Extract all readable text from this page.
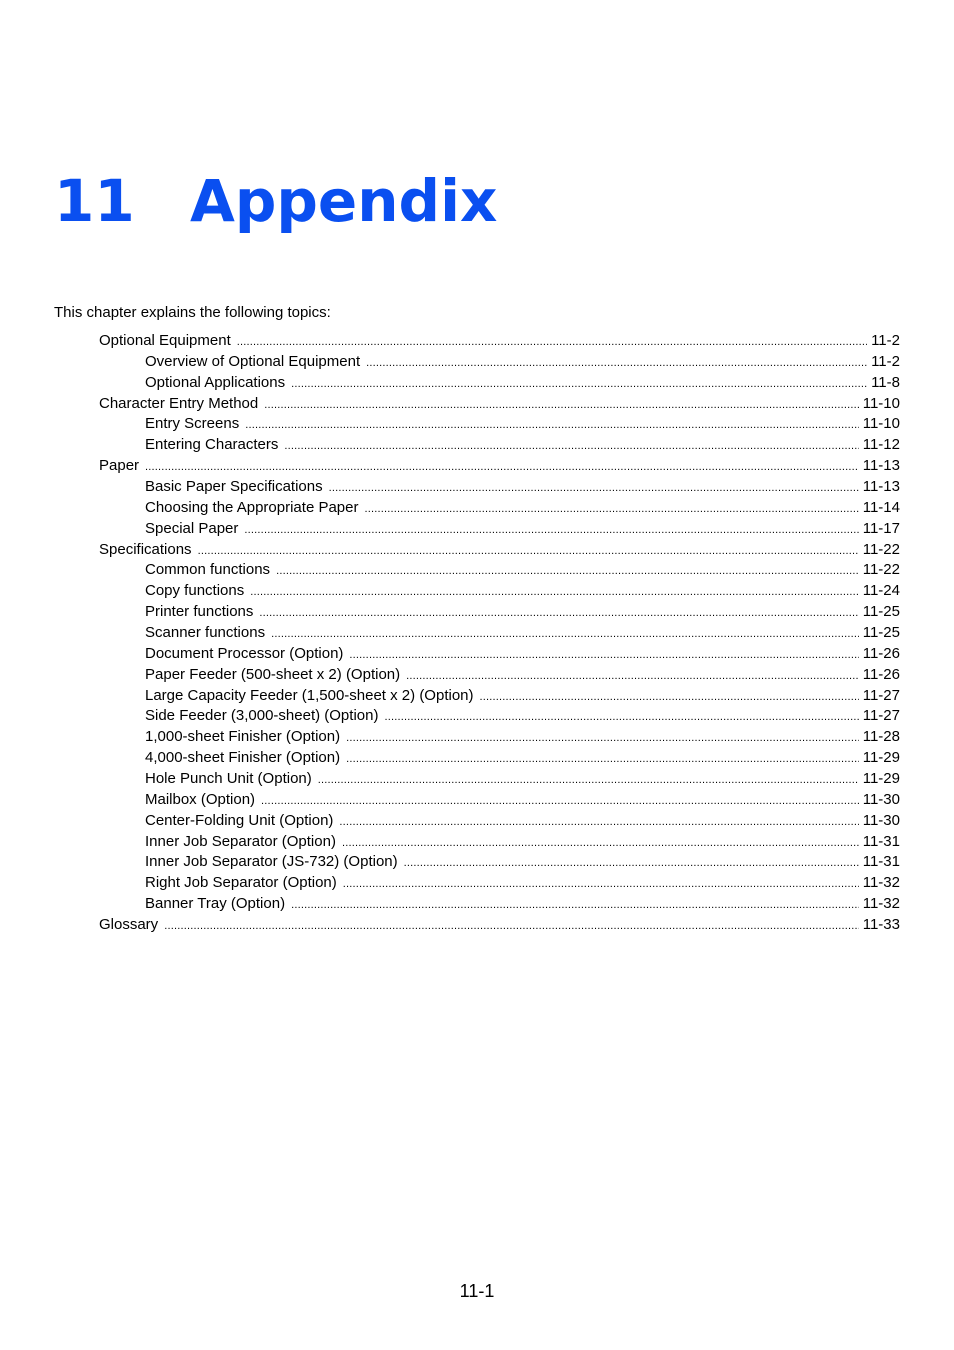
11 Appendix
This chapter explains the following topics:
Optional Equipment .....	11-2
Overview of Optional Equipment .....	11-2
Optional Applications .....	11-8
Character Entry Method .....	11-10
Entry Screens .....	11-10
Entering Characters .....	11-12
Paper .....	11-13
Basic Paper Specifications .....	11-13
Choosing the Appropriate Paper .....	11-14
Special Paper .....	11-17
Specifications .....	11-22
Common functions .....	11-22
Copy functions .....	11-24
Printer functions .....	11-25
Scanner functions .....	11-25
Document Processor (Option) .....	11-26
Paper Feeder (500-sheet x 2) (Option) .....	11-26
Large Capacity Feeder (1,500-sheet x 2) (Option) .....	11-27
Side Feeder (3,000-sheet) (Option) .....	11-27
1,000-sheet Finisher (Option) .....	11-28
4,000-sheet Finisher (Option) .....	11-29
Hole Punch Unit (Option) .....	11-29
Mailbox (Option) .....	11-30
Center-Folding Unit (Option) .....	11-30
Inner Job Separator (Option) .....	11-31
Inner Job Separator (JS-732) (Option) .....	11-31
Right Job Separator (Option) .....	11-32
Banner Tray (Option) .....	11-32
Glossary .....	11-33
11-1
